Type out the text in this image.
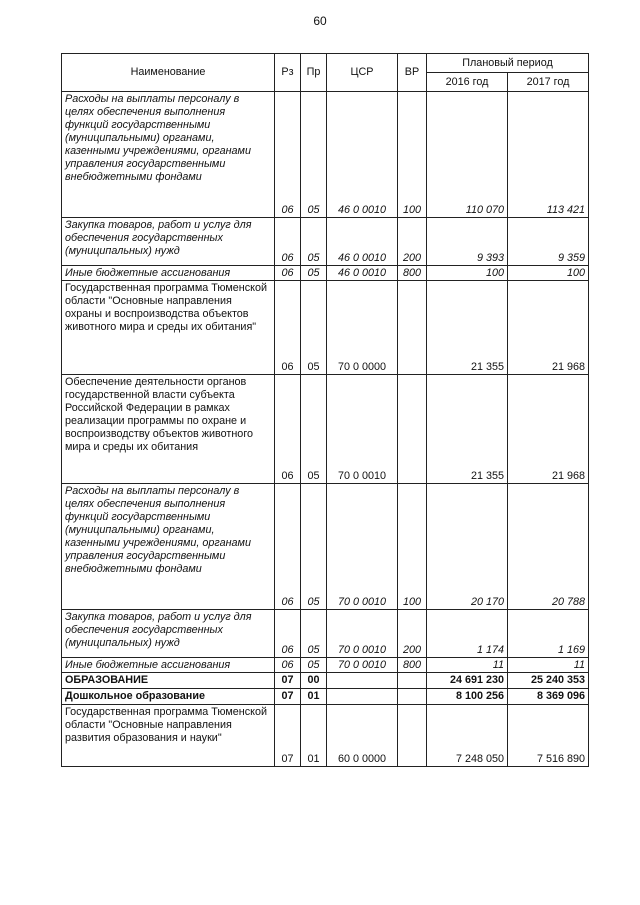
60
Наименование	Рз	Пр	ЦСР	ВР	Плановый период	
					2016 год	2017 год
Расходы на выплаты персоналу в целях обеспечения выполнения функций государственными (муниципальными) органами, казенными учреждениями, органами управления государственными внебюджетными фондами	06	05	46 0 0010	100	110 070	113 421
Закупка товаров, работ и услуг для обеспечения государственных (муниципальных) нужд	06	05	46 0 0010	200	9 393	9 359
Иные бюджетные ассигнования	06	05	46 0 0010	800	100	100
Государственная программа Тюменской области "Основные направления охраны и воспроизводства объектов животного мира и среды их обитания"	06	05	70 0 0000		21 355	21 968
Обеспечение деятельности органов государственной власти субъекта Российской Федерации в рамках реализации программы по охране и воспроизводству объектов животного мира и среды их обитания	06	05	70 0 0010		21 355	21 968
Расходы на выплаты персоналу в целях обеспечения выполнения функций государственными (муниципальными) органами, казенными учреждениями, органами управления государственными внебюджетными фондами	06	05	70 0 0010	100	20 170	20 788
Закупка товаров, работ и услуг для обеспечения государственных (муниципальных) нужд	06	05	70 0 0010	200	1 174	1 169
Иные бюджетные ассигнования	06	05	70 0 0010	800	11	11
ОБРАЗОВАНИЕ	07	00			24 691 230	25 240 353
Дошкольное образование	07	01			8 100 256	8 369 096
Государственная программа Тюменской области "Основные направления развития образования и науки"	07	01	60 0 0000		7 248 050	7 516 890
